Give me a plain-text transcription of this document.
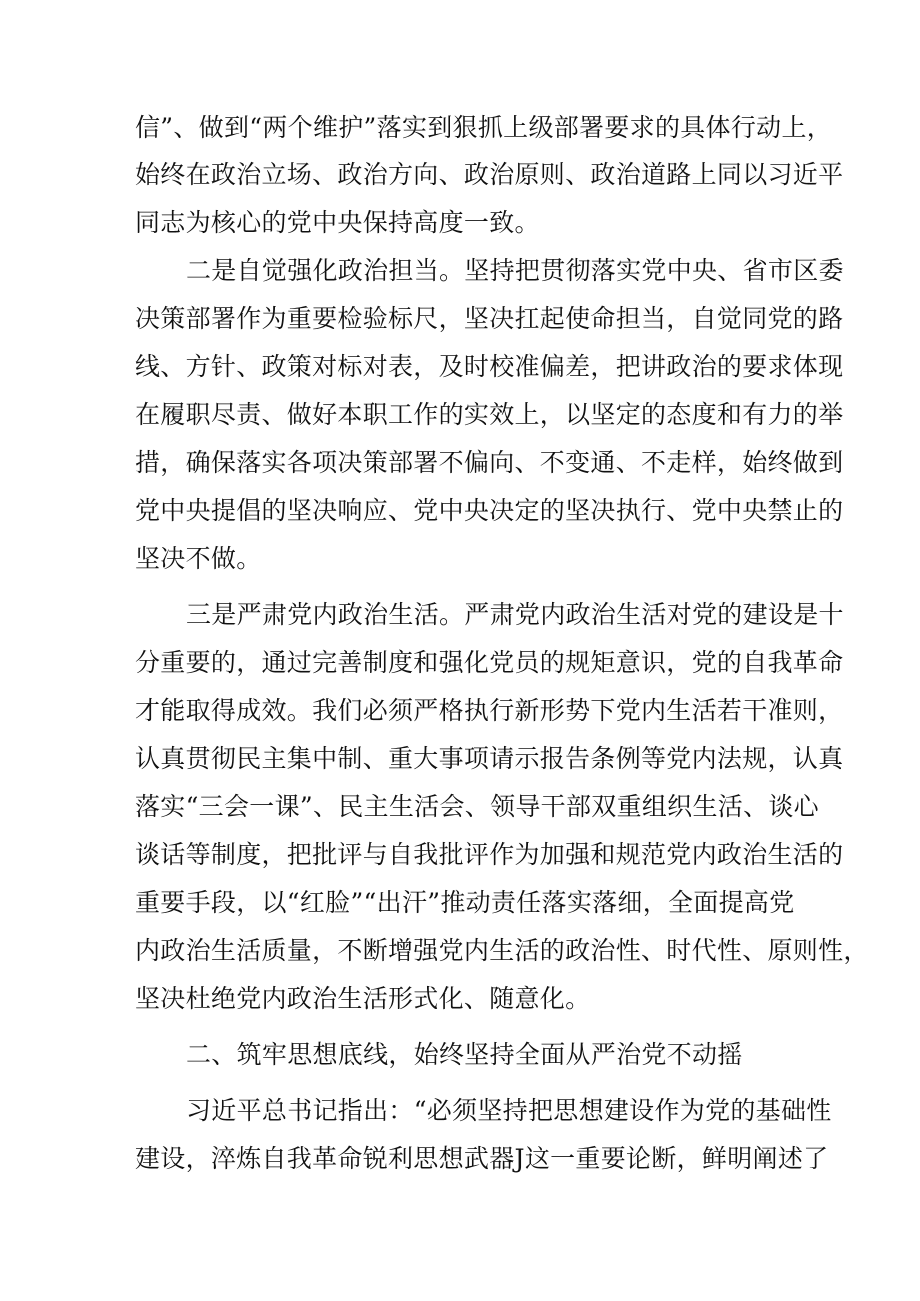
信”、做到“两个维护”落实到狠抓上级部署要求的具体行动上，
始终在政治立场、政治方向、政治原则、政治道路上同以习近平
同志为核心的党中央保持高度一致。
二是自觉强化政治担当。坚持把贯彻落实党中央、省市区委
决策部署作为重要检验标尺，坚决扛起使命担当，自觉同党的路
线、方针、政策对标对表，及时校准偏差，把讲政治的要求体现
在履职尽责、做好本职工作的实效上，以坚定的态度和有力的举
措，确保落实各项决策部署不偏向、不变通、不走样，始终做到
党中央提倡的坚决响应、党中央决定的坚决执行、党中央禁止的
坚决不做。
三是严肃党内政治生活。严肃党内政治生活对党的建设是十
分重要的，通过完善制度和强化党员的规矩意识，党的自我革命
才能取得成效。我们必须严格执行新形势下党内生活若干准则，
认真贯彻民主集中制、重大事项请示报告条例等党内法规，认真
落实“三会一课”、民主生活会、领导干部双重组织生活、谈心
谈话等制度，把批评与自我批评作为加强和规范党内政治生活的
重要手段，以“红脸”“出汗”推动责任落实落细，全面提高党
内政治生活质量，不断增强党内生活的政治性、时代性、原则性，
坚决杜绝党内政治生活形式化、随意化。
二、筑牢思想底线，始终坚持全面从严治党不动摇
习近平总书记指出：“必须坚持把思想建设作为党的基础性
建设，淬炼自我革命锐利思想武器J这一重要论断，鲜明阐述了
